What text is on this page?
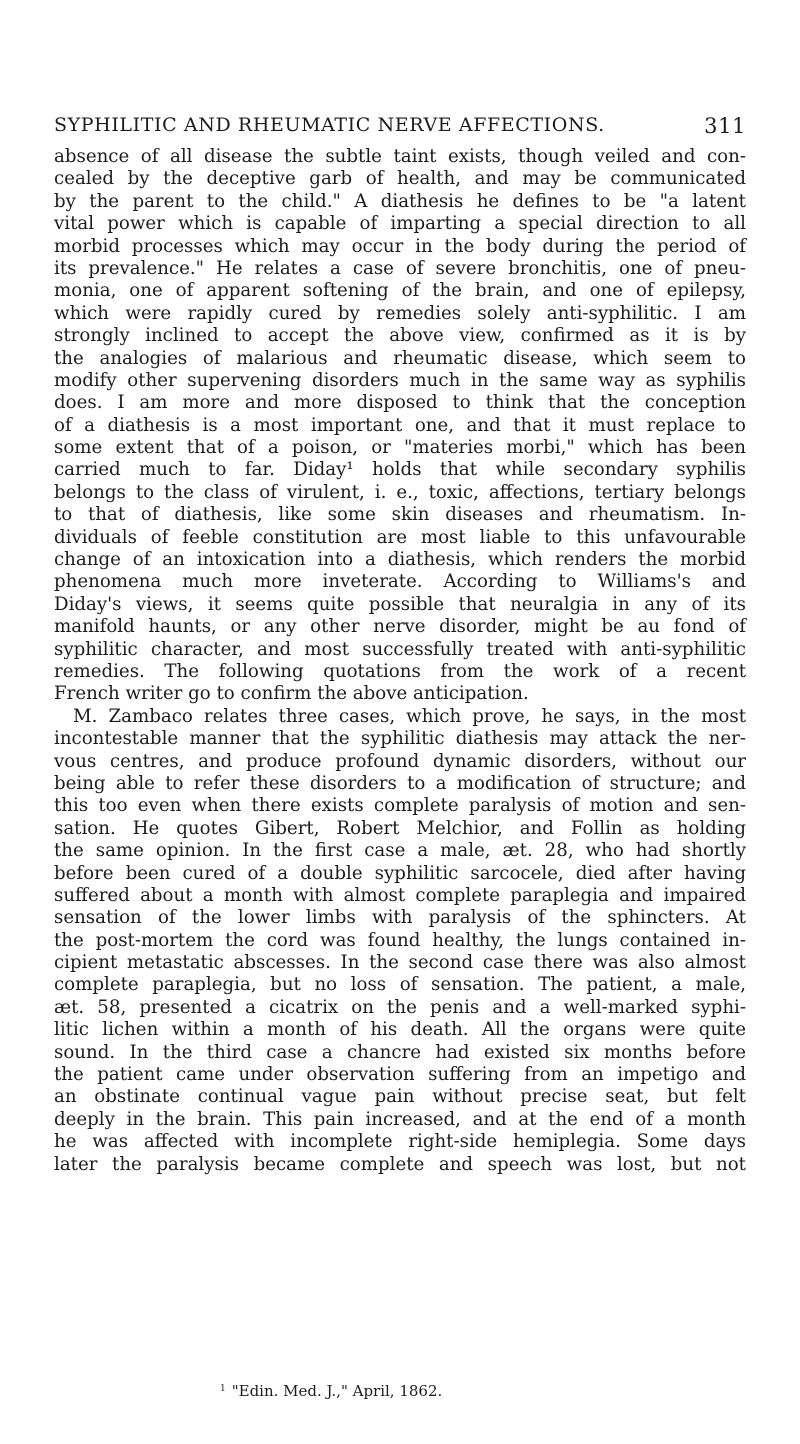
SYPHILITIC AND RHEUMATIC NERVE AFFECTIONS.	311
absence of all disease the subtle taint exists, though veiled and con-
cealed by the deceptive garb of health, and may be communicated
by the parent to the child." A diathesis he defines to be "a latent
vital power which is capable of imparting a special direction to all
morbid processes which may occur in the body during the period of
its prevalence." He relates a case of severe bronchitis, one of pneu-
monia, one of apparent softening of the brain, and one of epilepsy,
which were rapidly cured by remedies solely anti-syphilitic. I am
strongly inclined to accept the above view, confirmed as it is by
the analogies of malarious and rheumatic disease, which seem to
modify other supervening disorders much in the same way as syphilis
does. I am more and more disposed to think that the conception
of a diathesis is a most important one, and that it must replace to
some extent that of a poison, or "materies morbi," which has been
carried much to far. Diday¹ holds that while secondary syphilis
belongs to the class of virulent, i. e., toxic, affections, tertiary belongs
to that of diathesis, like some skin diseases and rheumatism. In-
dividuals of feeble constitution are most liable to this unfavourable
change of an intoxication into a diathesis, which renders the morbid
phenomena much more inveterate. According to Williams's and
Diday's views, it seems quite possible that neuralgia in any of its
manifold haunts, or any other nerve disorder, might be au fond of
syphilitic character, and most successfully treated with anti-syphilitic
remedies. The following quotations from the work of a recent
French writer go to confirm the above anticipation.
M. Zambaco relates three cases, which prove, he says, in the most
incontestable manner that the syphilitic diathesis may attack the ner-
vous centres, and produce profound dynamic disorders, without our
being able to refer these disorders to a modification of structure; and
this too even when there exists complete paralysis of motion and sen-
sation. He quotes Gibert, Robert Melchior, and Follin as holding
the same opinion. In the first case a male, æt. 28, who had shortly
before been cured of a double syphilitic sarcocele, died after having
suffered about a month with almost complete paraplegia and impaired
sensation of the lower limbs with paralysis of the sphincters. At
the post-mortem the cord was found healthy, the lungs contained in-
cipient metastatic abscesses. In the second case there was also almost
complete paraplegia, but no loss of sensation. The patient, a male,
æt. 58, presented a cicatrix on the penis and a well-marked syphi-
litic lichen within a month of his death. All the organs were quite
sound. In the third case a chancre had existed six months before
the patient came under observation suffering from an impetigo and
an obstinate continual vague pain without precise seat, but felt
deeply in the brain. This pain increased, and at the end of a month
he was affected with incomplete right-side hemiplegia. Some days
later the paralysis became complete and speech was lost, but not
$^1$ "Edin. Med. J.," April, 1862.
